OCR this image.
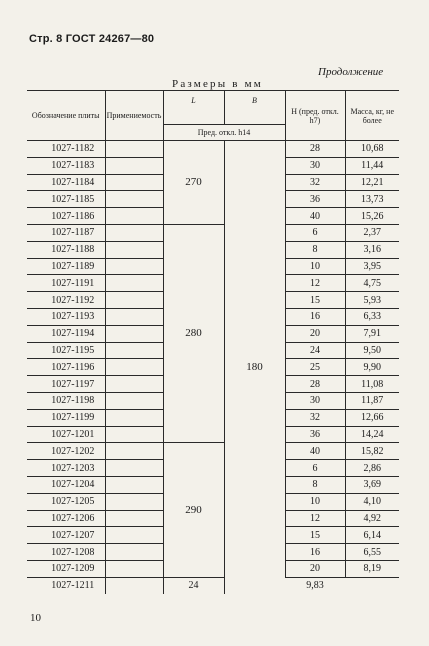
Стр. 8 ГОСТ 24267—80
Продолжение
Размеры в мм
Обозначение плиты	Примениемость	L	B	H (пред. откл. h7)	Масса, кг, не более
		Пред. откл. h14			
1027-1182		270	180	28	10,68
1027-1183				30	11,44
1027-1184				32	12,21
1027-1185				36	13,73
1027-1186				40	15,26
1027-1187		280		6	2,37
1027-1188				8	3,16
1027-1189				10	3,95
1027-1191				12	4,75
1027-1192				15	5,93
1027-1193				16	6,33
1027-1194				20	7,91
1027-1195				24	9,50
1027-1196				25	9,90
1027-1197				28	11,08
1027-1198				30	11,87
1027-1199				32	12,66
1027-1201				36	14,24
1027-1202		290		40	15,82
1027-1203				6	2,86
1027-1204				8	3,69
1027-1205				10	4,10
1027-1206				12	4,92
1027-1207				15	6,14
1027-1208				16	6,55
1027-1209				20	8,19
1027-1211		24		9,83	
10
